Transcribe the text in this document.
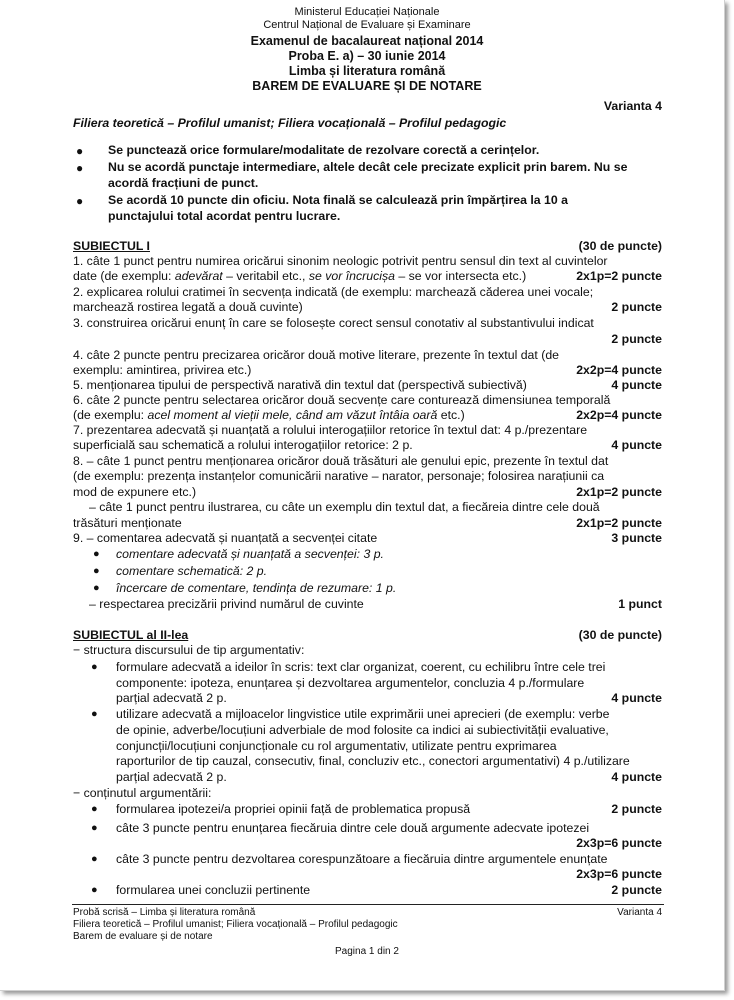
Ministerul Educației Naționale
Centrul Național de Evaluare și Examinare
Examenul de bacalaureat național 2014
Proba E. a) – 30 iunie 2014
Limba și literatura română
BAREM DE EVALUARE ȘI DE NOTARE
Varianta 4
Filiera teoretică – Profilul umanist; Filiera vocațională – Profilul pedagogic
● Se punctează orice formulare/modalitate de rezolvare corectă a cerințelor.
● Nu se acordă punctaje intermediare, altele decât cele precizate explicit prin barem. Nu se
acordă fracțiuni de punct.
● Se acordă 10 puncte din oficiu. Nota finală se calculează prin împărțirea la 10 a
punctajului total acordat pentru lucrare.
SUBIECTUL I	(30 de puncte)
1. câte 1 punct pentru numirea oricărui sinonim neologic potrivit pentru sensul din text al cuvintelor
date (de exemplu: adevărat – veritabil etc., se vor încrucișa – se vor intersecta etc.)	2x1p=2 puncte
2. explicarea rolului cratimei în secvența indicată (de exemplu: marchează căderea unei vocale;
marchează rostirea legată a două cuvinte)	2 puncte
3. construirea oricărui enunț în care se folosește corect sensul conotativ al substantivului indicat
2 puncte
4. câte 2 puncte pentru precizarea oricăror două motive literare, prezente în textul dat (de
exemplu: amintirea, privirea etc.)	2x2p=4 puncte
5. menționarea tipului de perspectivă narativă din textul dat (perspectivă subiectivă)	4 puncte
6. câte 2 puncte pentru selectarea oricăror două secvențe care conturează dimensiunea temporală
(de exemplu: acel moment al vieții mele, când am văzut întâia oară etc.)	2x2p=4 puncte
7. prezentarea adecvată și nuanțată a rolului interogațiilor retorice în textul dat: 4 p./prezentare
superficială sau schematică a rolului interogațiilor retorice: 2 p.	4 puncte
8. – câte 1 punct pentru menționarea oricăror două trăsături ale genului epic, prezente în textul dat
(de exemplu: prezența instanțelor comunicării narative – narator, personaje; folosirea narațiunii ca
mod de expunere etc.)	2x1p=2 puncte
– câte 1 punct pentru ilustrarea, cu câte un exemplu din textul dat, a fiecăreia dintre cele două
trăsături menționate	2x1p=2 puncte
9. – comentarea adecvată și nuanțată a secvenței citate	3 puncte
● comentare adecvată și nuanțată a secvenței: 3 p.
● comentare schematică: 2 p.
● încercare de comentare, tendința de rezumare: 1 p.
– respectarea precizării privind numărul de cuvinte	1 punct
SUBIECTUL al II-lea	(30 de puncte)
− structura discursului de tip argumentativ:
● formulare adecvată a ideilor în scris: text clar organizat, coerent, cu echilibru între cele trei
componente: ipoteza, enunțarea și dezvoltarea argumentelor, concluzia 4 p./formulare
parțial adecvată 2 p.	4 puncte
● utilizare adecvată a mijloacelor lingvistice utile exprimării unei aprecieri (de exemplu: verbe
de opinie, adverbe/locuțiuni adverbiale de mod folosite ca indici ai subiectivității evaluative,
conjuncții/locuțiuni conjuncționale cu rol argumentativ, utilizate pentru exprimarea
raporturilor de tip cauzal, consecutiv, final, concluziv etc., conectori argumentativi) 4 p./utilizare
parțial adecvată 2 p.	4 puncte
− conținutul argumentării:
● formularea ipotezei/a propriei opinii față de problematica propusă	2 puncte
● câte 3 puncte pentru enunțarea fiecăruia dintre cele două argumente adecvate ipotezei
2x3p=6 puncte
● câte 3 puncte pentru dezvoltarea corespunzătoare a fiecăruia dintre argumentele enunțate
2x3p=6 puncte
● formularea unei concluzii pertinente	2 puncte
Probă scrisă – Limba și literatura română	Varianta 4
Filiera teoretică – Profilul umanist; Filiera vocațională – Profilul pedagogic
Barem de evaluare și de notare
Pagina 1 din 2
